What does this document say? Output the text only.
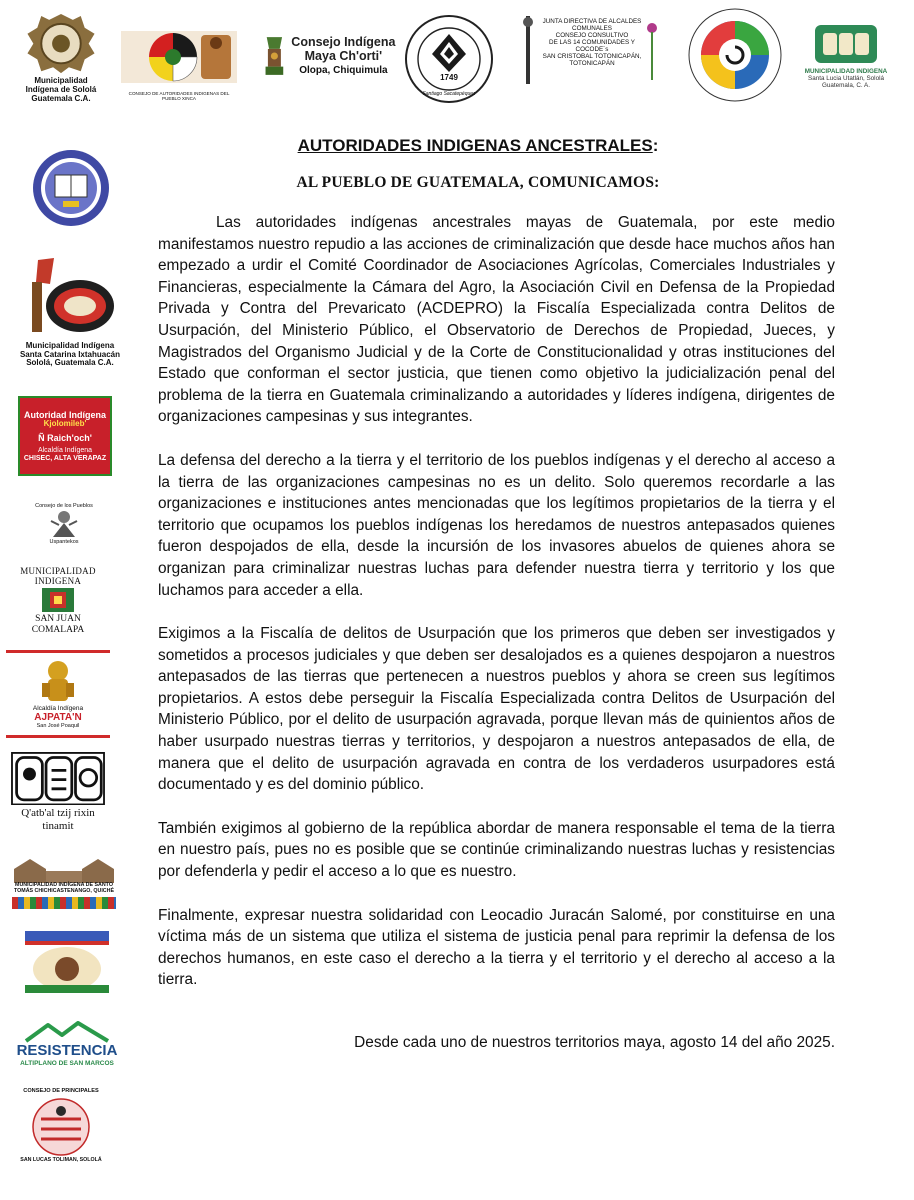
Municipalidad Indígena de Sololá Guatemala C.A.
CONSEJO DE AUTORIDADES INDIGENAS DEL PUEBLO XINCA
Consejo Indígena Maya Ch'orti'
Olopa, Chiquimula
1749
Santiago Sacatepéquez
JUNTA DIRECTIVA DE ALCALDES COMUNALES
CONSEJO CONSULTIVO
DE LAS 14 COMUNIDADES Y COCODE´s
SAN CRISTOBAL TOTONICAPÁN, TOTONICAPÁN
MUNICIPALIDAD INDIGENA
Santa Lucia Utatlán, Sololá
Guatemala, C. A.
Municipalidad Indígena Santa Catarina Ixtahuacán Sololá, Guatemala C.A.
Autoridad Indígena
Kjolomileb'
Ñ Raich'och'
Alcaldía Indígena
CHISEC, ALTA VERAPAZ
Consejo de los Pueblos
Uspantekos
MUNICIPALIDAD INDIGENA
SAN JUAN
COMALAPA
Alcaldía Indígena
AJPATA'N
San José Poaquil
Q'atb'al tzij rixin tinamit
MUNICIPALIDAD INDÍGENA DE SANTO TOMÁS CHICHICASTENANGO, QUICHÉ
RESISTENCIA
ALTIPLANO DE SAN MARCOS
CONSEJO DE PRINCIPALES
SAN LUCAS TOLIMAN, SOLOLÁ
AUTORIDADES INDIGENAS ANCESTRALES:
AL PUEBLO DE GUATEMALA, COMUNICAMOS:

Las autoridades indígenas ancestrales mayas de Guatemala, por este medio manifestamos nuestro repudio a las acciones de criminalización que desde hace muchos años han empezado a urdir el Comité Coordinador de Asociaciones Agrícolas, Comerciales Industriales y Financieras, especialmente la Cámara del Agro, la Asociación Civil en Defensa de la Propiedad Privada y Contra del Prevaricato (ACDEPRO) la Fiscalía Especializada contra Delitos de Usurpación, del Ministerio Público, el Observatorio de Derechos de Propiedad, Jueces, y Magistrados del Organismo Judicial y de la Corte de Constitucionalidad y otras instituciones del Estado que conforman el sector justicia, que tienen como objetivo la judicialización penal del problema de la tierra en Guatemala criminalizando a autoridades y líderes indígena, dirigentes de organizaciones campesinas y sus integrantes.

La defensa del derecho a la tierra y el territorio de los pueblos indígenas y el derecho al acceso a la tierra de las organizaciones campesinas no es un delito. Solo queremos recordarle a las organizaciones e instituciones antes mencionadas que los legítimos propietarios de la tierra y el territorio que ocupamos los pueblos indígenas los heredamos de nuestros antepasados quienes fueron despojados de ella, desde la incursión de los invasores abuelos de quienes ahora se organizan para criminalizar nuestras luchas para defender nuestra tierra y territorio y los que luchamos para acceder a ella.

Exigimos a la Fiscalía de delitos de Usurpación que los primeros que deben ser investigados y sometidos a procesos judiciales y que deben ser desalojados es a quienes despojaron a nuestros antepasados de las tierras que pertenecen a nuestros pueblos y ahora se creen sus legítimos propietarios. A estos debe perseguir la Fiscalía Especializada contra Delitos de Usurpación del Ministerio Público, por el delito de usurpación agravada, porque llevan más de quinientos años de haber usurpado nuestras tierras y territorios, y despojaron a nuestros antepasados de ella, de manera que el delito de usurpación agravada en contra de los verdaderos usurpadores está documentado y es del dominio público.

También exigimos al gobierno de la república abordar de manera responsable el tema de la tierra en nuestro país, pues no es posible que se continúe criminalizando nuestras luchas y resistencias por defenderla y pedir el acceso a lo que es nuestro.

Finalmente, expresar nuestra solidaridad con Leocadio Juracán Salomé, por constituirse en una víctima más de un sistema que utiliza el sistema de justicia penal para reprimir la defensa de los derechos humanos, en este caso el derecho a la tierra y el territorio y el derecho al acceso a la tierra.

Desde cada uno de nuestros territorios maya, agosto 14 del año 2025.
